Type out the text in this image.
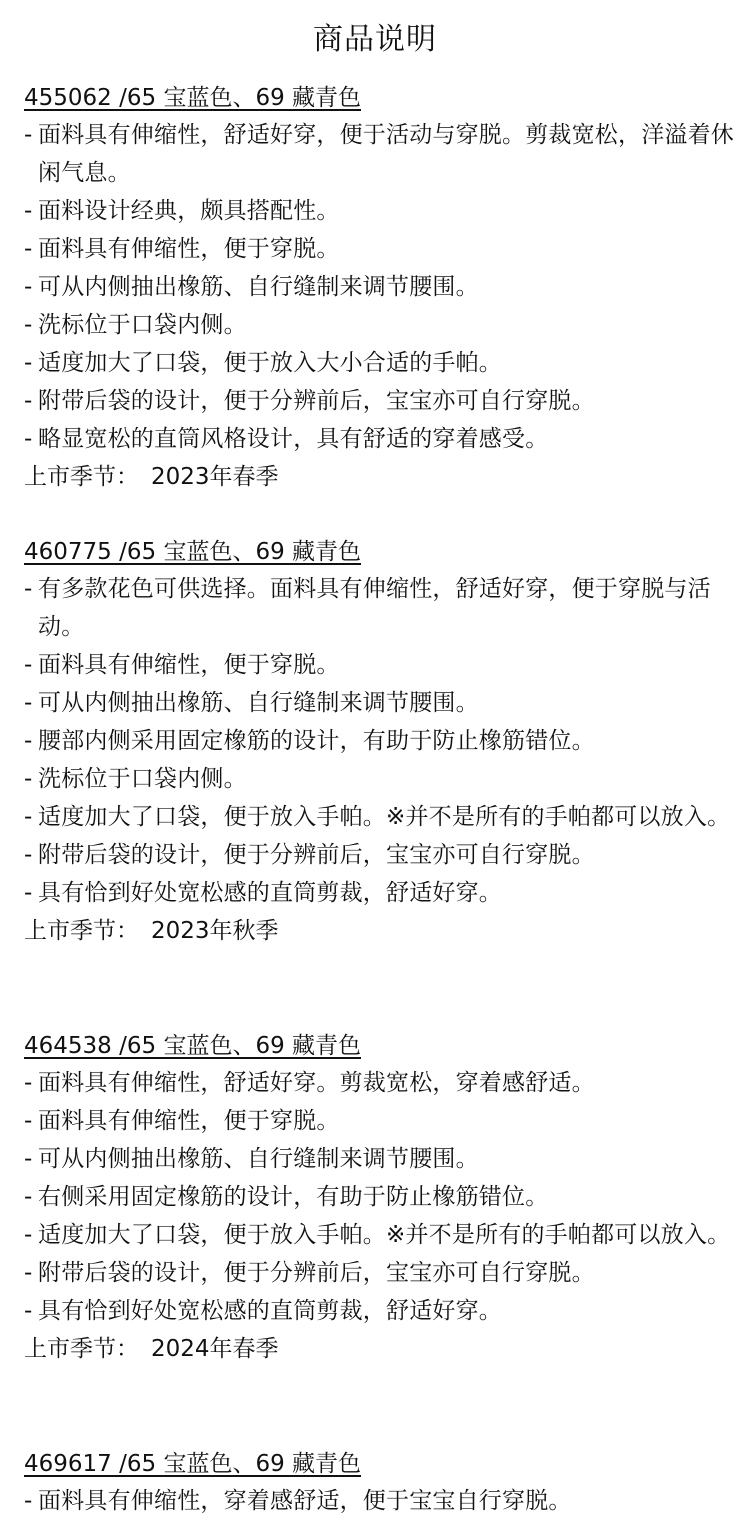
商品说明
455062 /65 宝蓝色、69 藏青色
- 面料具有伸缩性，舒适好穿，便于活动与穿脱。剪裁宽松，洋溢着休闲气息。
- 面料设计经典，颇具搭配性。
- 面料具有伸缩性，便于穿脱。
- 可从内侧抽出橡筋、自行缝制来调节腰围。
- 洗标位于口袋内侧。
- 适度加大了口袋，便于放入大小合适的手帕。
- 附带后袋的设计，便于分辨前后，宝宝亦可自行穿脱。
- 略显宽松的直筒风格设计，具有舒适的穿着感受。
上市季节： 2023年春季
460775 /65 宝蓝色、69 藏青色
- 有多款花色可供选择。面料具有伸缩性，舒适好穿，便于穿脱与活动。
- 面料具有伸缩性，便于穿脱。
- 可从内侧抽出橡筋、自行缝制来调节腰围。
- 腰部内侧采用固定橡筋的设计，有助于防止橡筋错位。
- 洗标位于口袋内侧。
- 适度加大了口袋，便于放入手帕。※并不是所有的手帕都可以放入。
- 附带后袋的设计，便于分辨前后，宝宝亦可自行穿脱。
- 具有恰到好处宽松感的直筒剪裁，舒适好穿。
上市季节： 2023年秋季
464538 /65 宝蓝色、69 藏青色
- 面料具有伸缩性，舒适好穿。剪裁宽松，穿着感舒适。
- 面料具有伸缩性，便于穿脱。
- 可从内侧抽出橡筋、自行缝制来调节腰围。
- 右侧采用固定橡筋的设计，有助于防止橡筋错位。
- 适度加大了口袋，便于放入手帕。※并不是所有的手帕都可以放入。
- 附带后袋的设计，便于分辨前后，宝宝亦可自行穿脱。
- 具有恰到好处宽松感的直筒剪裁，舒适好穿。
上市季节： 2024年春季
469617 /65 宝蓝色、69 藏青色
- 面料具有伸缩性，穿着感舒适，便于宝宝自行穿脱。
